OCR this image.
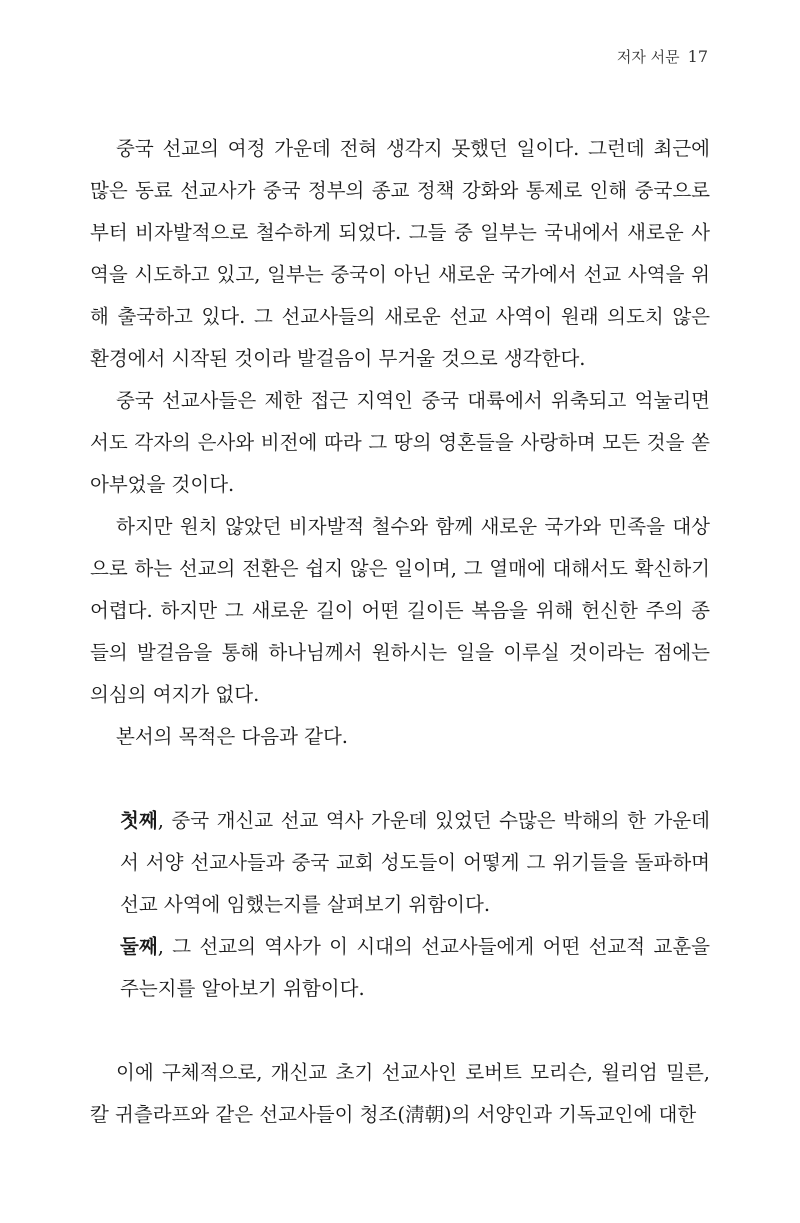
저자 서문 17

중국 선교의 여정 가운데 전혀 생각지 못했던 일이다. 그런데 최근에 많은 동료 선교사가 중국 정부의 종교 정책 강화와 통제로 인해 중국으로부터 비자발적으로 철수하게 되었다. 그들 중 일부는 국내에서 새로운 사역을 시도하고 있고, 일부는 중국이 아닌 새로운 국가에서 선교 사역을 위해 출국하고 있다. 그 선교사들의 새로운 선교 사역이 원래 의도치 않은 환경에서 시작된 것이라 발걸음이 무거울 것으로 생각한다.

중국 선교사들은 제한 접근 지역인 중국 대륙에서 위축되고 억눌리면서도 각자의 은사와 비전에 따라 그 땅의 영혼들을 사랑하며 모든 것을 쏟아부었을 것이다.

하지만 원치 않았던 비자발적 철수와 함께 새로운 국가와 민족을 대상으로 하는 선교의 전환은 쉽지 않은 일이며, 그 열매에 대해서도 확신하기 어렵다. 하지만 그 새로운 길이 어떤 길이든 복음을 위해 헌신한 주의 종들의 발걸음을 통해 하나님께서 원하시는 일을 이루실 것이라는 점에는 의심의 여지가 없다.

본서의 목적은 다음과 같다.

첫째, 중국 개신교 선교 역사 가운데 있었던 수많은 박해의 한 가운데서 서양 선교사들과 중국 교회 성도들이 어떻게 그 위기들을 돌파하며 선교 사역에 임했는지를 살펴보기 위함이다.

둘째, 그 선교의 역사가 이 시대의 선교사들에게 어떤 선교적 교훈을 주는지를 알아보기 위함이다.

이에 구체적으로, 개신교 초기 선교사인 로버트 모리슨, 윌리엄 밀른, 칼 귀츨라프와 같은 선교사들이 청조(淸朝)의 서양인과 기독교인에 대한
